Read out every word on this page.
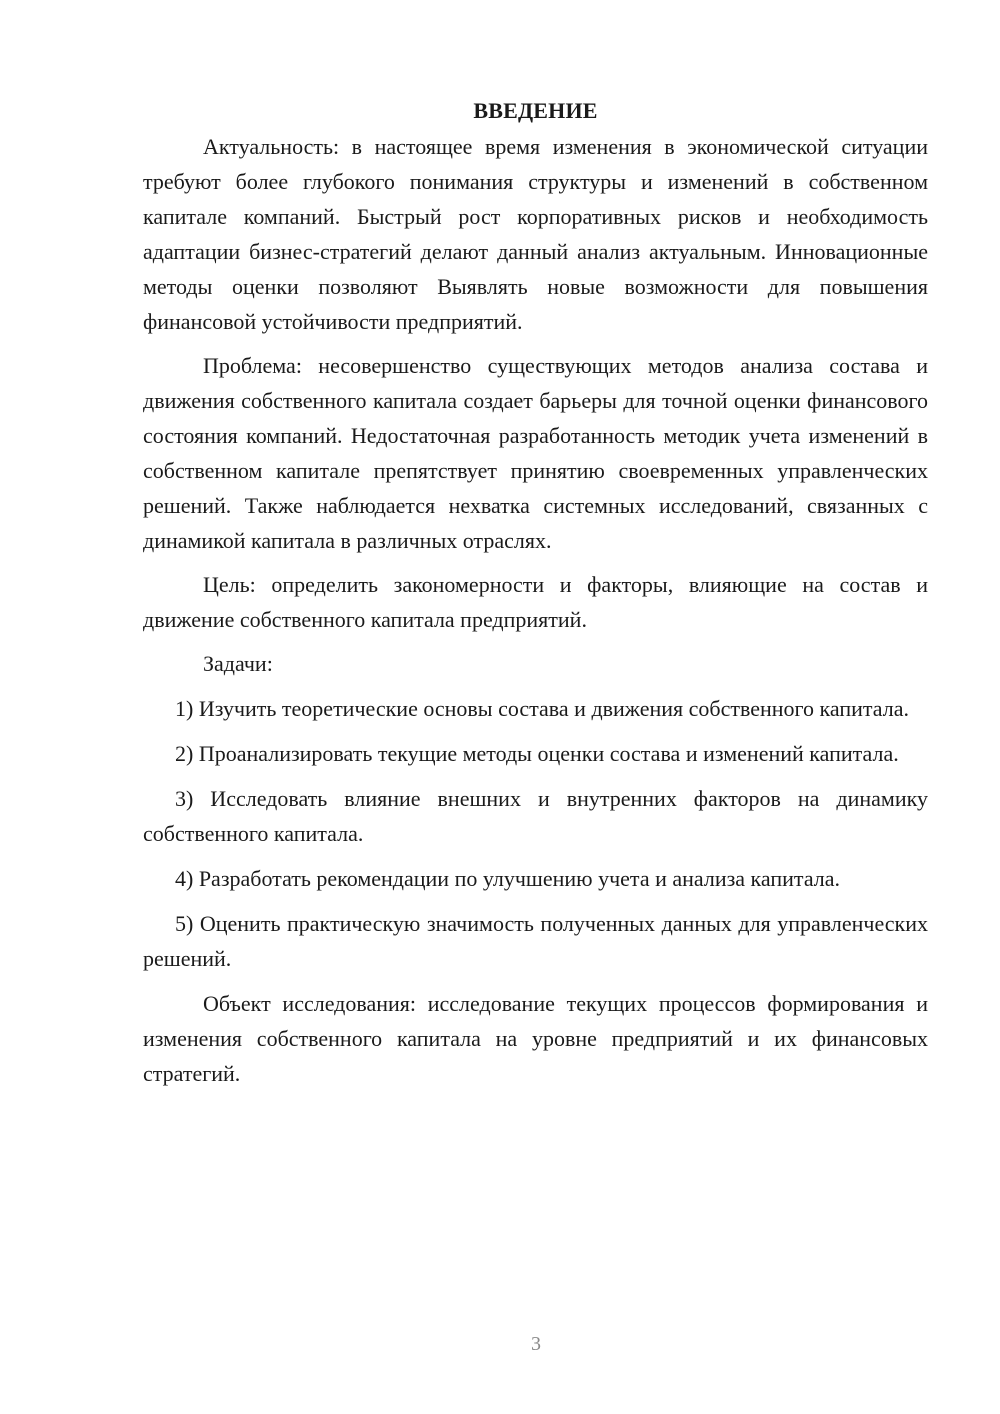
ВВЕДЕНИЕ

Актуальность: в настоящее время изменения в экономической ситуации требуют более глубокого понимания структуры и изменений в собственном капитале компаний. Быстрый рост корпоративных рисков и необходимость адаптации бизнес-стратегий делают данный анализ актуальным. Инновационные методы оценки позволяют Выявлять новые возможности для повышения финансовой устойчивости предприятий.

Проблема: несовершенство существующих методов анализа состава и движения собственного капитала создает барьеры для точной оценки финансового состояния компаний. Недостаточная разработанность методик учета изменений в собственном капитале препятствует принятию своевременных управленческих решений. Также наблюдается нехватка системных исследований, связанных с динамикой капитала в различных отраслях.

Цель: определить закономерности и факторы, влияющие на состав и движение собственного капитала предприятий.

Задачи:

1) Изучить теоретические основы состава и движения собственного капитала.

2) Проанализировать текущие методы оценки состава и изменений капитала.

3) Исследовать влияние внешних и внутренних факторов на динамику собственного капитала.

4) Разработать рекомендации по улучшению учета и анализа капитала.

5) Оценить практическую значимость полученных данных для управленческих решений.

Объект исследования: исследование текущих процессов формирования и изменения собственного капитала на уровне предприятий и их финансовых стратегий.

3
